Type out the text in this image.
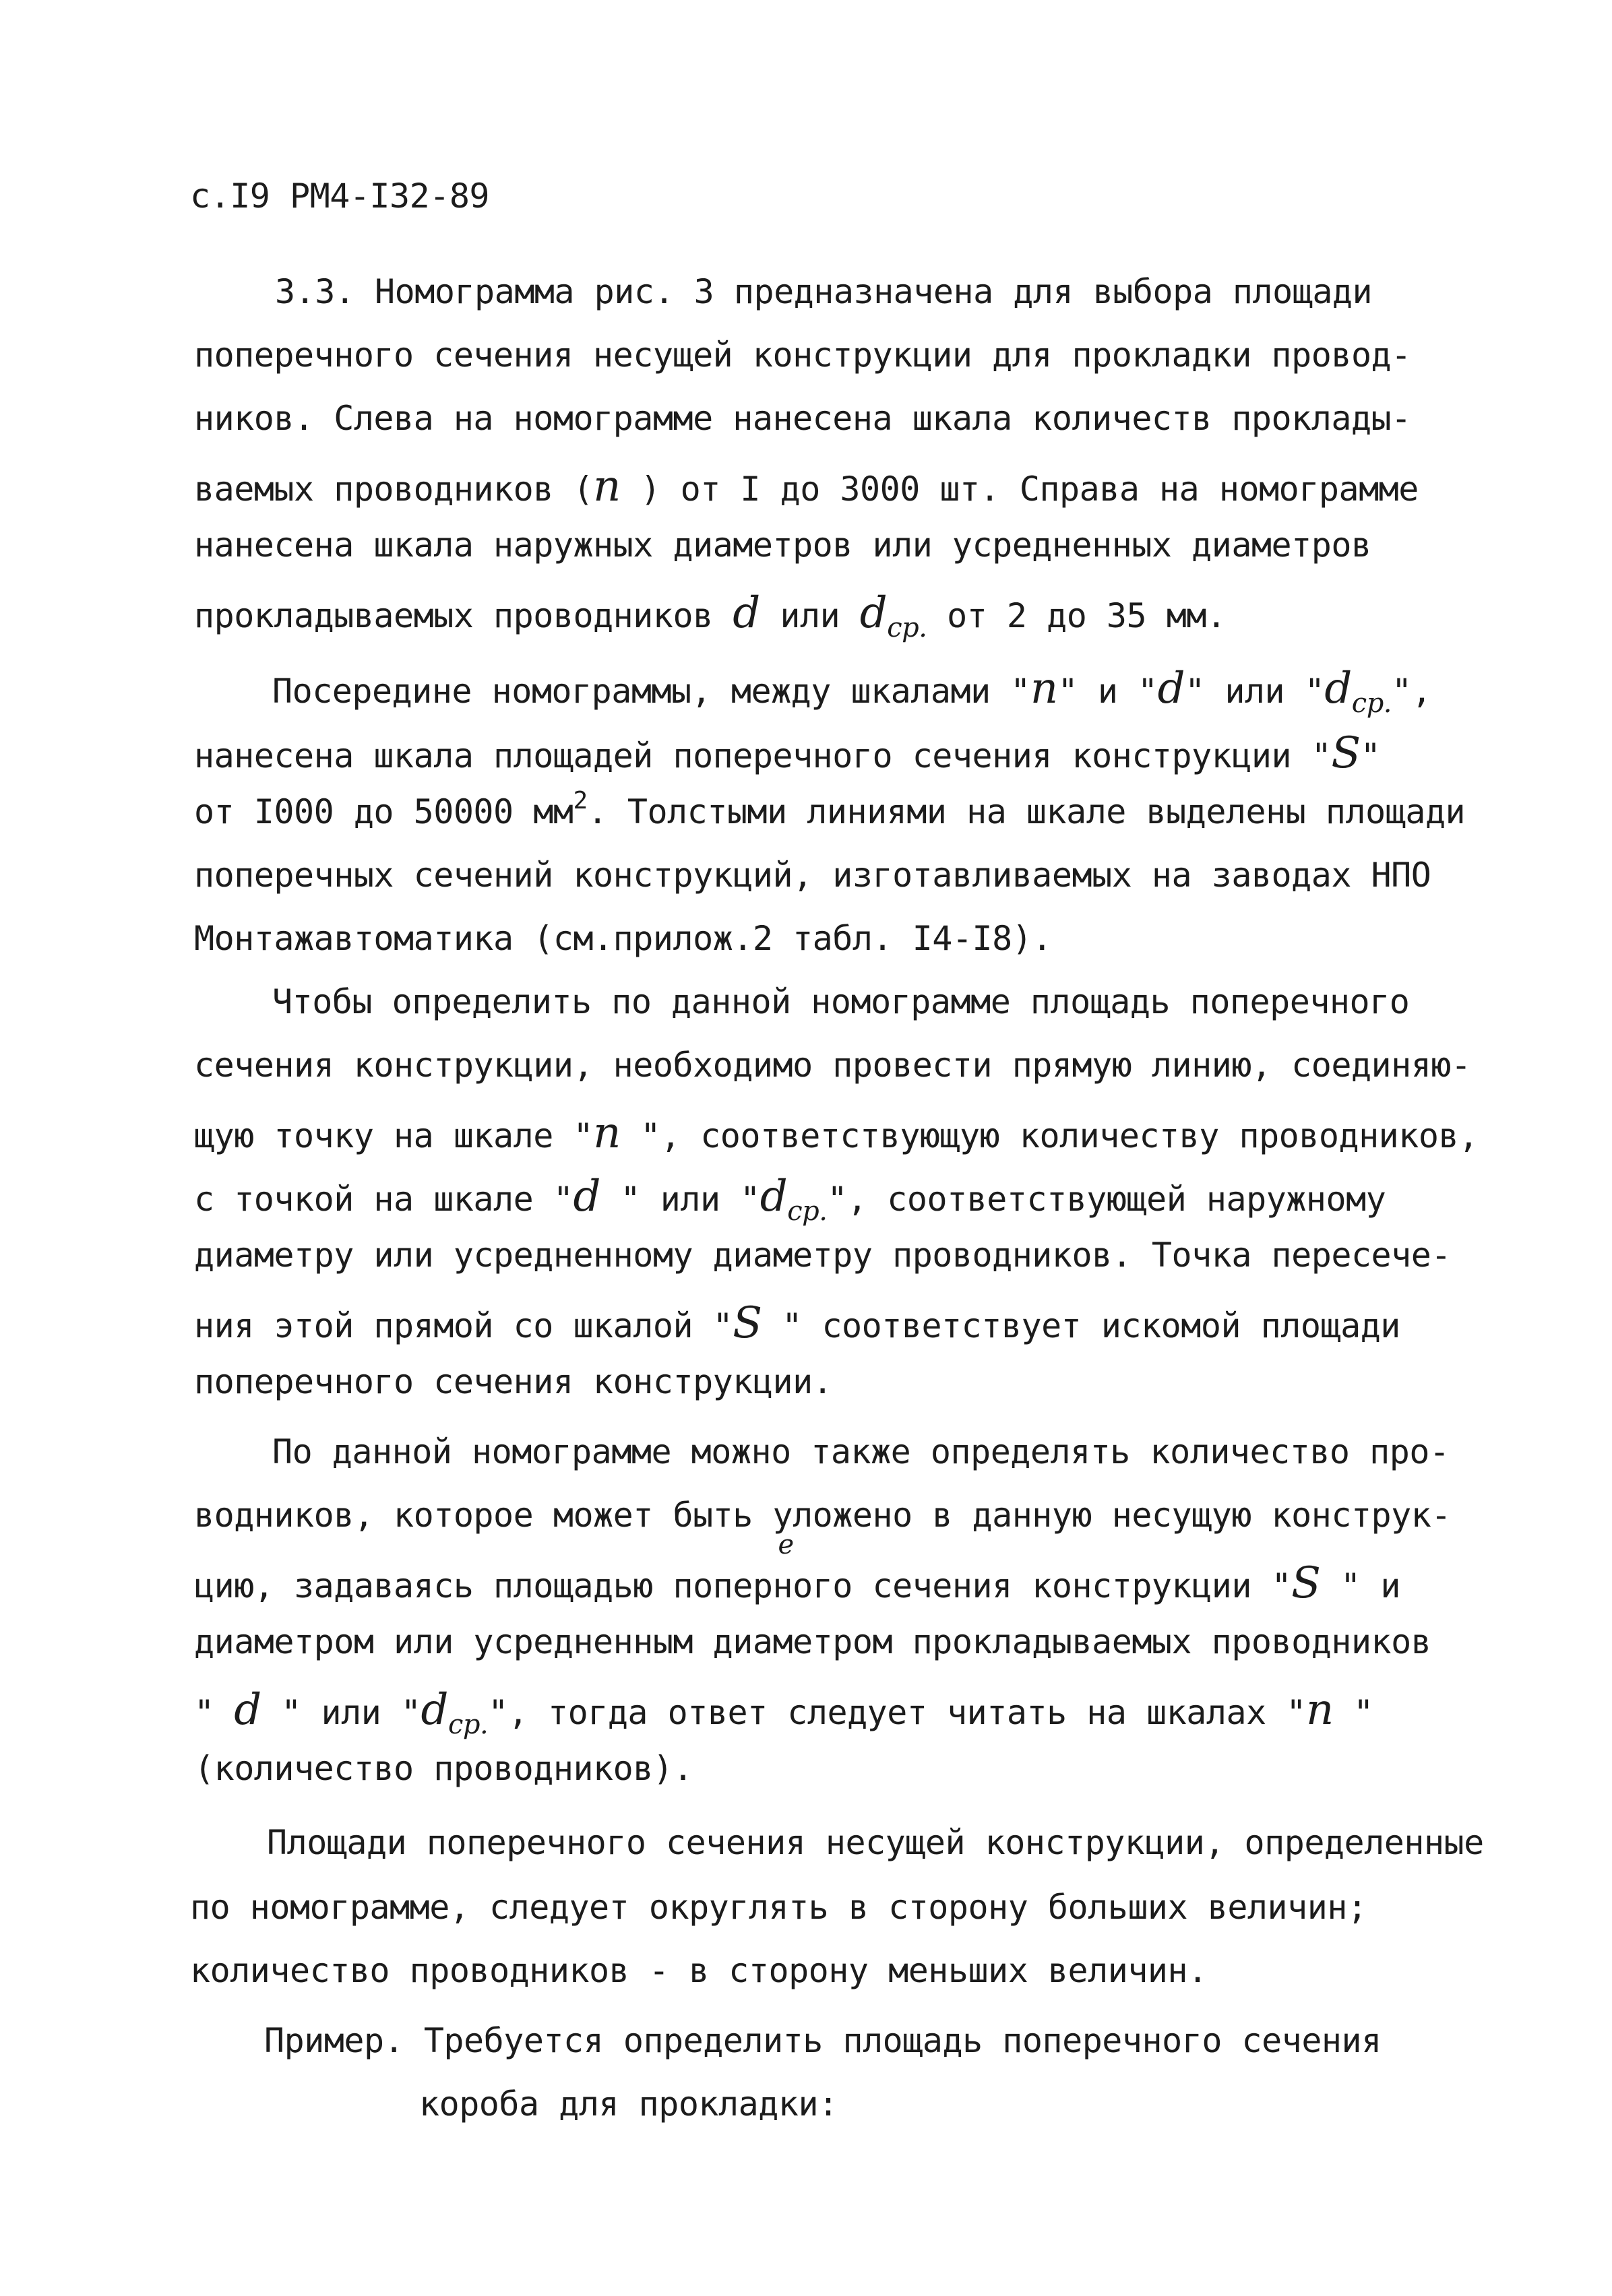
с.I9 РМ4-I32-89
3.3. Номограмма рис. 3 предназначена для выбора площади
поперечного сечения несущей конструкции для прокладки провод-
ников. Слева на номограмме нанесена шкала количеств проклады-
ваемых проводников (n ) от I до 3000 шт. Справа на номограмме
нанесена шкала наружных диаметров или усредненных диаметров
прокладываемых проводников d или $d_{ср.}$ от 2 до 35 мм.
Посередине номограммы, между шкалами "n" и "d" или "$d_{ср.}$",
нанесена шкала площадей поперечного сечения конструкции "S"
от I000 до 50000 $мм^2$. Толстыми линиями на шкале выделены площади
поперечных сечений конструкций, изготавливаемых на заводах НПО
Монтажавтоматика (см.прилож.2 табл. I4-I8).
Чтобы определить по данной номограмме площадь поперечного
сечения конструкции, необходимо провести прямую линию, соединяю-
щую точку на шкале "n ", соответствующую количеству проводников,
с точкой на шкале "d " или "$d_{ср.}$", соответствующей наружному
диаметру или усредненному диаметру проводников. Точка пересече-
ния этой прямой со шкалой "S " соответствует искомой площади
поперечного сечения конструкции.
По данной номограмме можно также определять количество про-
водников, которое может быть уложено в данную несущую конструк-
цию, задаваясь площадью попер
е
ного сечения конструкции "S " и
диаметром или усредненным диаметром прокладываемых проводников
" d " или "$d_{ср.}$", тогда ответ следует читать на шкалах "n "
(количество проводников).
Площади поперечного сечения несущей конструкции, определенные
по номограмме, следует округлять в сторону больших величин;
количество проводников - в сторону меньших величин.
Пример. Требуется определить площадь поперечного сечения
короба для прокладки:
